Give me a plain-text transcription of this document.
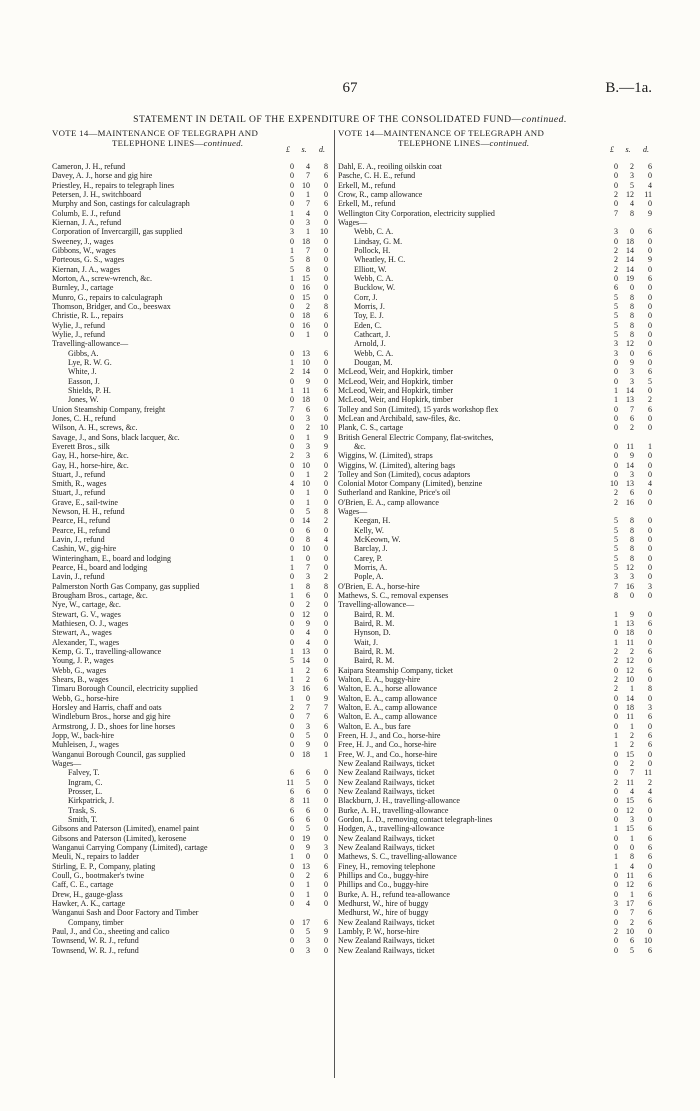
67	B.—1a.
STATEMENT IN DETAIL OF THE EXPENDITURE OF THE CONSOLIDATED FUND—continued.
VOTE 14—MAINTENANCE OF TELEGRAPH AND
TELEPHONE LINES—continued.
£	s.	d.
Cameron, J. H., refund	0	4	8
Davey, A. J., horse and gig hire	0	7	6
Priestley, H., repairs to telegraph lines	0	10	0
Petersen, J. H., switchboard	0	1	0
Murphy and Son, castings for calculagraph	0	7	6
Columb, E. J., refund	1	4	0
Kiernan, J. A., refund	0	3	0
Corporation of Invercargill, gas supplied	3	1	10
Sweeney, J., wages	0	18	0
Gibbons, W., wages	1	7	0
Porteous, G. S., wages	5	8	0
Kiernan, J. A., wages	5	8	0
Morton, A., screw-wrench, &c.	1	15	0
Burnley, J., cartage	0	16	0
Munro, G., repairs to calculagraph	0	15	0
Thomson, Bridger, and Co., beeswax	0	2	8
Christie, R. L., repairs	0	18	6
Wylie, J., refund	0	16	0
Wylie, J., refund	0	1	0
Travelling-allowance—
Gibbs, A.	0	13	6
Lye, R. W. G.	1	10	0
White, J.	2	14	0
Easson, J.	0	9	0
Shields, P. H.	1	11	6
Jones, W.	0	18	0
Union Steamship Company, freight	7	6	6
Jones, C. H., refund	0	3	0
Wilson, A. H., screws, &c.	0	2	10
Savage, J., and Sons, black lacquer, &c.	0	1	9
Everett Bros., silk	0	3	9
Gay, H., horse-hire, &c.	2	3	6
Gay, H., horse-hire, &c.	0	10	0
Stuart, J., refund	0	1	2
Smith, R., wages	4	10	0
Stuart, J., refund	0	1	0
Grave, E., sail-twine	0	1	0
Newson, H. H., refund	0	5	8
Pearce, H., refund	0	14	2
Pearce, H., refund	0	6	0
Lavin, J., refund	0	8	4
Cashin, W., gig-hire	0	10	0
Winteringham, E., board and lodging	1	0	0
Pearce, H., board and lodging	1	7	0
Lavin, J., refund	0	3	2
Palmerston North Gas Company, gas supplied	1	8	8
Brougham Bros., cartage, &c.	1	6	0
Nye, W., cartage, &c.	0	2	0
Stewart, G. V., wages	0	12	0
Mathiesen, O. J., wages	0	9	0
Stewart, A., wages	0	4	0
Alexander, T., wages	0	4	0
Kemp, G. T., travelling-allowance	1	13	0
Young, J. P., wages	5	14	0
Webb, G., wages	1	2	6
Shears, B., wages	1	2	6
Timaru Borough Council, electricity supplied	3	16	6
Webb, G., horse-hire	1	0	9
Horsley and Harris, chaff and oats	2	7	7
Windleburn Bros., horse and gig hire	0	7	6
Armstrong, J. D., shoes for line horses	0	3	6
Jopp, W., back-hire	0	5	0
Muhleisen, J., wages	0	9	0
Wanganui Borough Council, gas supplied	0	18	1
Wages—
Falvey, T.	6	6	0
Ingram, C.	11	5	0
Prosser, L.	6	6	0
Kirkpatrick, J.	8	11	0
Trask, S.	6	6	0
Smith, T.	6	6	0
Gibsons and Paterson (Limited), enamel paint	0	5	0
Gibsons and Paterson (Limited), kerosene	0	19	0
Wanganui Carrying Company (Limited), cartage	0	9	3
Meuli, N., repairs to ladder	1	0	0
Stirling, E. P., Company, plating	0	13	6
Coull, G., bootmaker's twine	0	2	6
Caff, C. E., cartage	0	1	0
Drew, H., gauge-glass	0	1	0
Hawker, A. K., cartage	0	4	0
Wanganui Sash and Door Factory and Timber
Company, timber	0	17	6
Paul, J., and Co., sheeting and calico	0	5	9
Townsend, W. R. J., refund	0	3	0
Townsend, W. R. J., refund	0	3	0
VOTE 14—MAINTENANCE OF TELEGRAPH AND
TELEPHONE LINES—continued.
£	s.	d.
Dahl, E. A., reoiling oilskin coat	0	2	6
Pasche, C. H. E., refund	0	3	0
Erkell, M., refund	0	5	4
Crow, R., camp allowance	2	12	11
Erkell, M., refund	0	4	0
Wellington City Corporation, electricity supplied	7	8	9
Wages—
Webb, C. A.	3	0	6
Lindsay, G. M.	0	18	0
Pollock, H.	2	14	0
Wheatley, H. C.	2	14	9
Elliott, W.	2	14	0
Webb, C. A.	0	19	6
Bucklow, W.	6	0	0
Corr, J.	5	8	0
Morris, J.	5	8	0
Toy, E. J.	5	8	0
Eden, C.	5	8	0
Cathcart, J.	5	8	0
Arnold, J.	3	12	0
Webb, C. A.	3	0	6
Dougan, M.	0	9	0
McLeod, Weir, and Hopkirk, timber	0	3	6
McLeod, Weir, and Hopkirk, timber	0	3	5
McLeod, Weir, and Hopkirk, timber	1	14	0
McLeod, Weir, and Hopkirk, timber	1	13	2
Tolley and Son (Limited), 15 yards workshop flex	0	7	6
McLean and Archibald, saw-files, &c.	0	6	0
Plank, C. S., cartage	0	2	0
British General Electric Company, flat-switches,
&c.	0	11	1
Wiggins, W. (Limited), straps	0	9	0
Wiggins, W. (Limited), altering bags	0	14	0
Tolley and Son (Limited), cocus adaptors	0	3	0
Colonial Motor Company (Limited), benzine	10	13	4
Sutherland and Rankine, Price's oil	2	6	0
O'Brien, E. A., camp allowance	2	16	0
Wages—
Keegan, H.	5	8	0
Kelly, W.	5	8	0
McKeown, W.	5	8	0
Barclay, J.	5	8	0
Carey, P.	5	8	0
Morris, A.	5	12	0
Pople, A.	3	3	0
O'Brien, E. A., horse-hire	7	16	3
Mathews, S. C., removal expenses	8	0	0
Travelling-allowance—
Baird, R. M.	1	9	0
Baird, R. M.	1	13	6
Hynson, D.	0	18	0
Wait, J.	1	11	0
Baird, R. M.	2	2	6
Baird, R. M.	2	12	0
Kaipara Steamship Company, ticket	0	12	6
Walton, E. A., buggy-hire	2	10	0
Walton, E. A., horse allowance	2	1	8
Walton, E. A., camp allowance	0	14	0
Walton, E. A., camp allowance	0	18	3
Walton, E. A., camp allowance	0	11	6
Walton, E. A., bus fare	0	1	0
Freen, H. J., and Co., horse-hire	1	2	6
Free, H. J., and Co., horse-hire	1	2	6
Free, W. J., and Co., horse-hire	0	15	0
New Zealand Railways, ticket	0	2	0
New Zealand Railways, ticket	0	7	11
New Zealand Railways, ticket	2	11	2
New Zealand Railways, ticket	0	4	4
Blackburn, J. H., travelling-allowance	0	15	6
Burke, A. H., travelling-allowance	0	12	0
Gordon, L. D., removing contact telegraph-lines	0	3	0
Hodgen, A., travelling-allowance	1	15	6
New Zealand Railways, ticket	0	1	6
New Zealand Railways, ticket	0	0	6
Mathews, S. C., travelling-allowance	1	8	6
Finey, H., removing telephone	1	4	0
Phillips and Co., buggy-hire	0	11	6
Phillips and Co., buggy-hire	0	12	6
Burke, A. H., refund tea-allowance	0	1	6
Medhurst, W., hire of buggy	3	17	6
Medhurst, W., hire of buggy	0	7	6
New Zealand Railways, ticket	0	2	6
Lambly, P. W., horse-hire	2	10	0
New Zealand Railways, ticket	0	6	10
New Zealand Railways, ticket	0	5	6
